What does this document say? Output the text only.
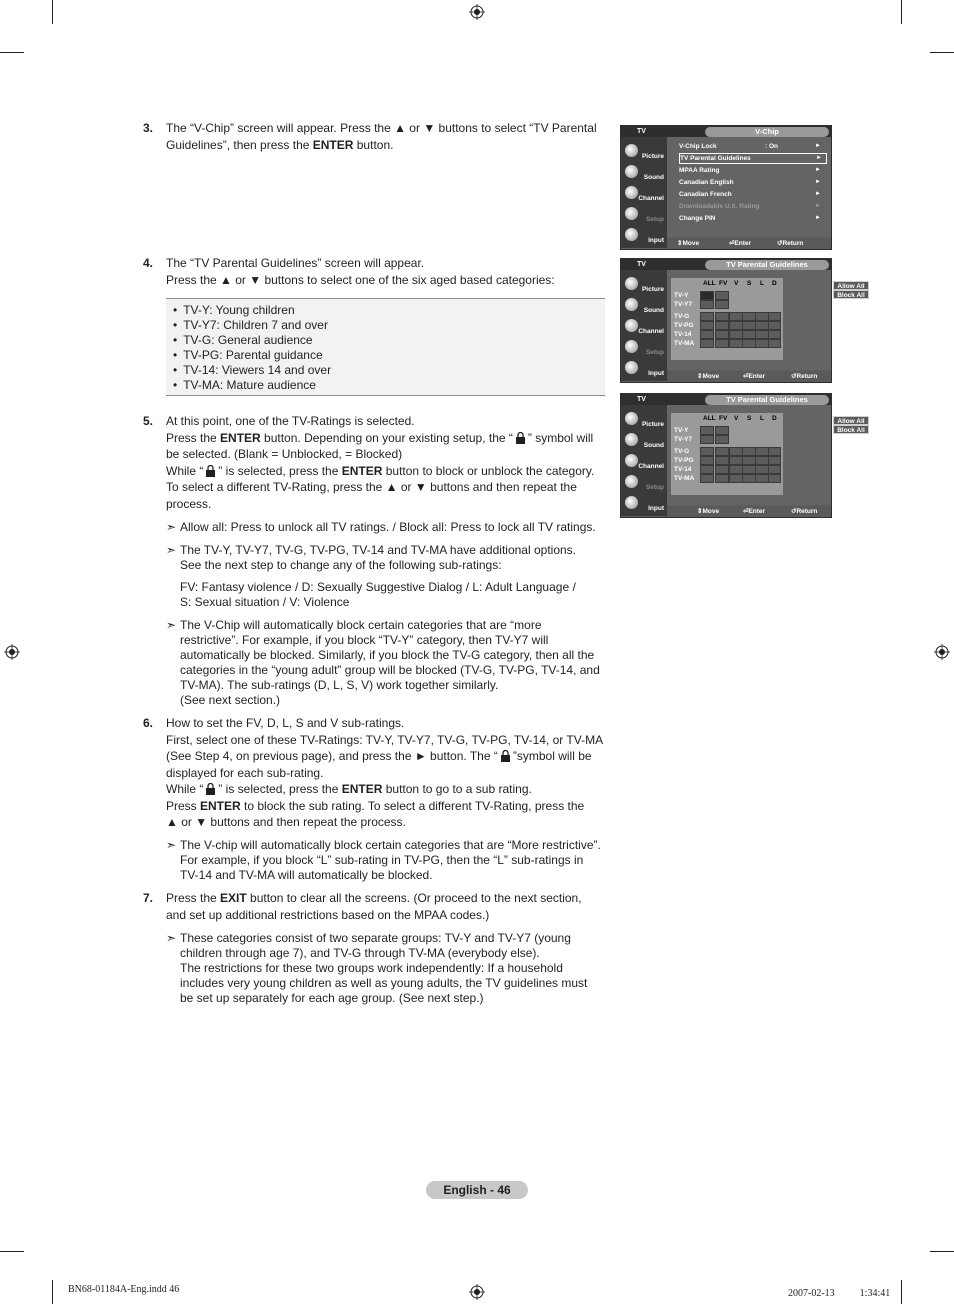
3. The “V-Chip” screen will appear. Press the ▲ or ▼ buttons to select “TV Parental
Guidelines”, then press the ENTER button.
4. The “TV Parental Guidelines” screen will appear.
Press the ▲ or ▼ buttons to select one of the six aged based categories:
• TV-Y: Young children
• TV-Y7: Children 7 and over
• TV-G: General audience
• TV-PG: Parental guidance
• TV-14: Viewers 14 and over
• TV-MA: Mature audience
5. At this point, one of the TV-Ratings is selected.
Press the ENTER button. Depending on your existing setup, the “ ” symbol will
be selected. (Blank = Unblocked, = Blocked)
While “ ” is selected, press the ENTER button to block or unblock the category.
To select a different TV-Rating, press the ▲ or ▼ buttons and then repeat the
process.
➣ Allow all: Press to unlock all TV ratings. / Block all: Press to lock all TV ratings.
➣ The TV-Y, TV-Y7, TV-G, TV-PG, TV-14 and TV-MA have additional options.
See the next step to change any of the following sub-ratings:
FV: Fantasy violence / D: Sexually Suggestive Dialog / L: Adult Language /
S: Sexual situation / V: Violence
➣ The V-Chip will automatically block certain categories that are “more
restrictive”. For example, if you block “TV-Y” category, then TV-Y7 will
automatically be blocked. Similarly, if you block the TV-G category, then all the
categories in the “young adult” group will be blocked (TV-G, TV-PG, TV-14, and
TV-MA). The sub-ratings (D, L, S, V) work together similarly.
(See next section.)
6. How to set the FV, D, L, S and V sub-ratings.
First, select one of these TV-Ratings: TV-Y, TV-Y7, TV-G, TV-PG, TV-14, or TV-MA
(See Step 4, on previous page), and press the ► button. The “ ”symbol will be
displayed for each sub-rating.
While “ ” is selected, press the ENTER button to go to a sub rating.
Press ENTER to block the sub rating. To select a different TV-Rating, press the
▲ or ▼ buttons and then repeat the process.
➣ The V-chip will automatically block certain categories that are “More restrictive”.
For example, if you block “L” sub-rating in TV-PG, then the “L” sub-ratings in
TV-14 and TV-MA will automatically be blocked.
7. Press the EXIT button to clear all the screens. (Or proceed to the next section,
and set up additional restrictions based on the MPAA codes.)
➣ These categories consist of two separate groups: TV-Y and TV-Y7 (young
children through age 7), and TV-G through TV-MA (everybody else).
The restrictions for these two groups work independently: If a household
includes very young children as well as young adults, the TV guidelines must
be set up separately for each age group. (See next step.)
TV	V-Chip
Picture
Sound
Channel
Setup
Input
V-Chip Lock	: On	►
TV Parental Guidelines	►
MPAA Rating	►
Canadian English	►
Canadian French	►
Downloadable U.S. Rating	►
Change PIN	►
⇕ Move	⏎ Enter	↺ Return
TV	TV Parental Guidelines
Picture
Sound
Channel
Setup
Input
ALL FV V S L D
TV-Y
TV-Y7
TV-G
TV-PG
TV-14
TV-MA
Allow All
Block All
⇕ Move	⏎ Enter	↺ Return
TV	TV Parental Guidelines
Picture
Sound
Channel
Setup
Input
ALL FV V S L D
TV-Y
TV-Y7
TV-G
TV-PG
TV-14
TV-MA
Allow All
Block All
⇕ Move	⏎ Enter	↺ Return
English - 46
BN68-01184A-Eng.indd 46	2007-02-13 　　 1:34:41
